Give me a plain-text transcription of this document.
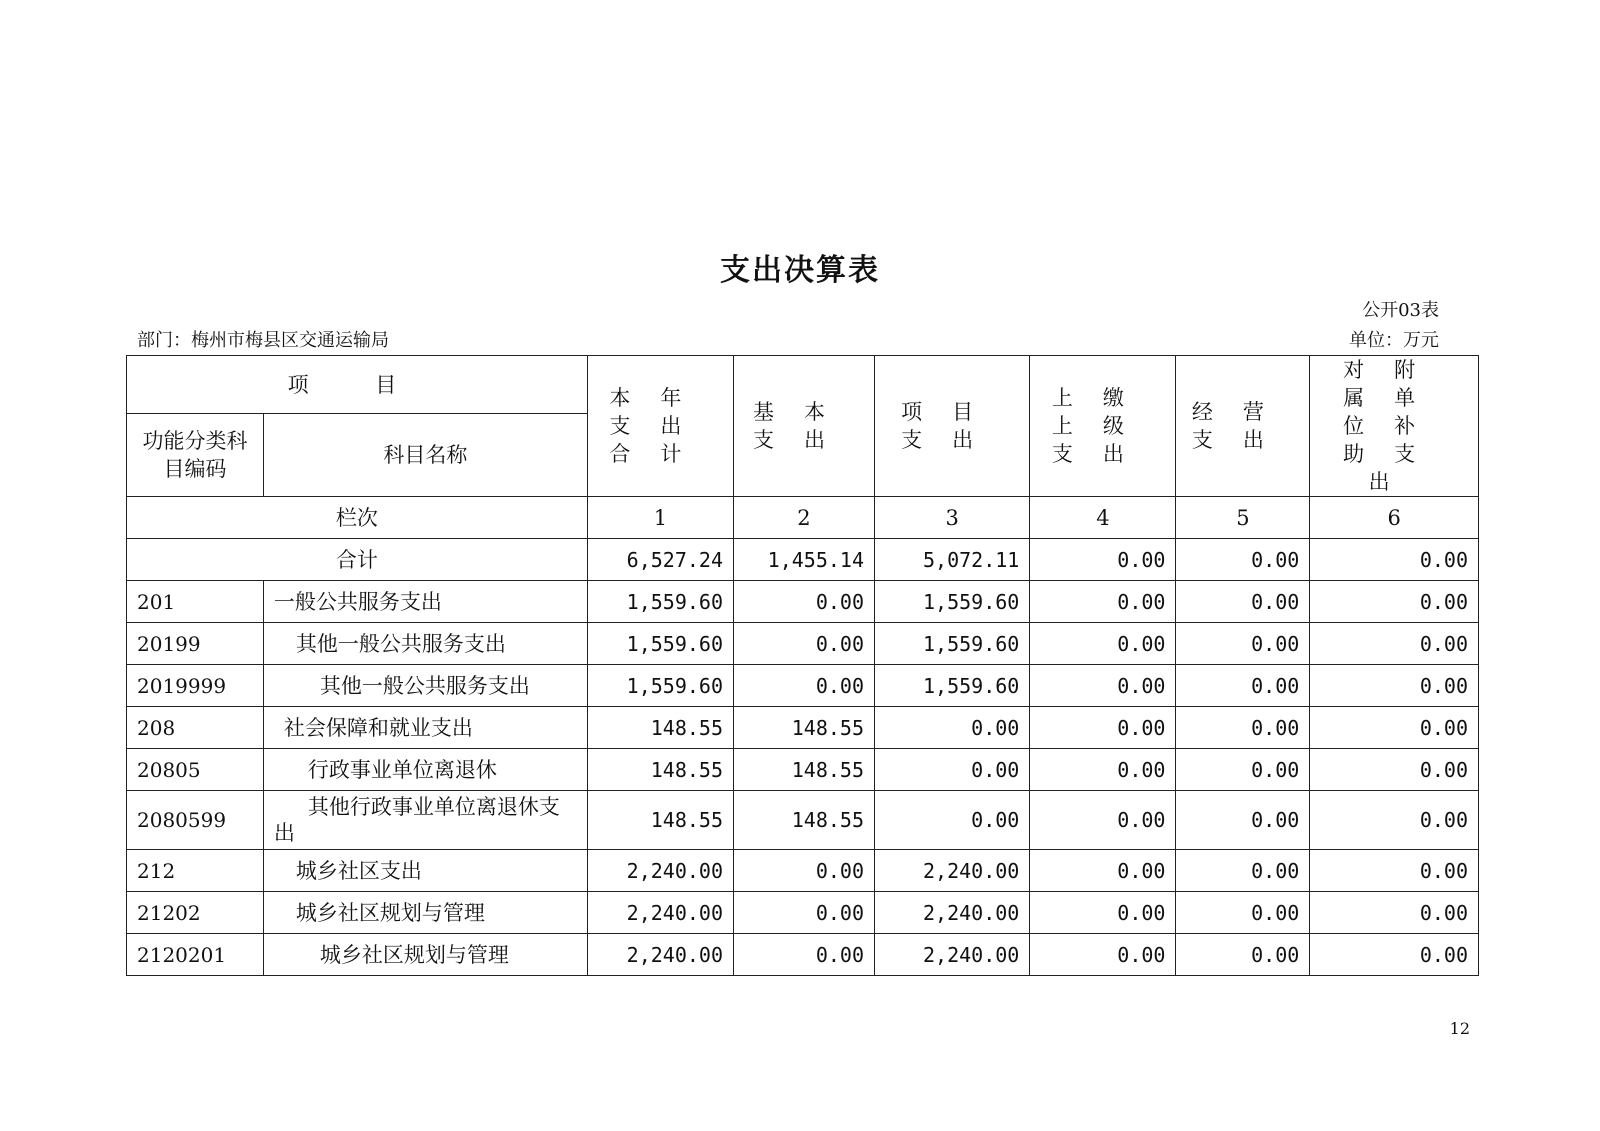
支出决算表
公开03表
部门：梅州市梅县区交通运输局	单位：万元
项 目		本年支出合计	基本支出	项目支出	上缴上级支出	经营支出	对附属单位补助支出
功能分类科目编码	科目名称						
栏次		1	2	3	4	5	6
合计		6,527.24	1,455.14	5,072.11	0.00	0.00	0.00
201	一般公共服务支出	1,559.60	0.00	1,559.60	0.00	0.00	0.00
20199	其他一般公共服务支出	1,559.60	0.00	1,559.60	0.00	0.00	0.00
2019999	其他一般公共服务支出	1,559.60	0.00	1,559.60	0.00	0.00	0.00
208	社会保障和就业支出	148.55	148.55	0.00	0.00	0.00	0.00
20805	行政事业单位离退休	148.55	148.55	0.00	0.00	0.00	0.00
2080599	其他行政事业单位离退休支出	148.55	148.55	0.00	0.00	0.00	0.00
212	城乡社区支出	2,240.00	0.00	2,240.00	0.00	0.00	0.00
21202	城乡社区规划与管理	2,240.00	0.00	2,240.00	0.00	0.00	0.00
2120201	城乡社区规划与管理	2,240.00	0.00	2,240.00	0.00	0.00	0.00
12
